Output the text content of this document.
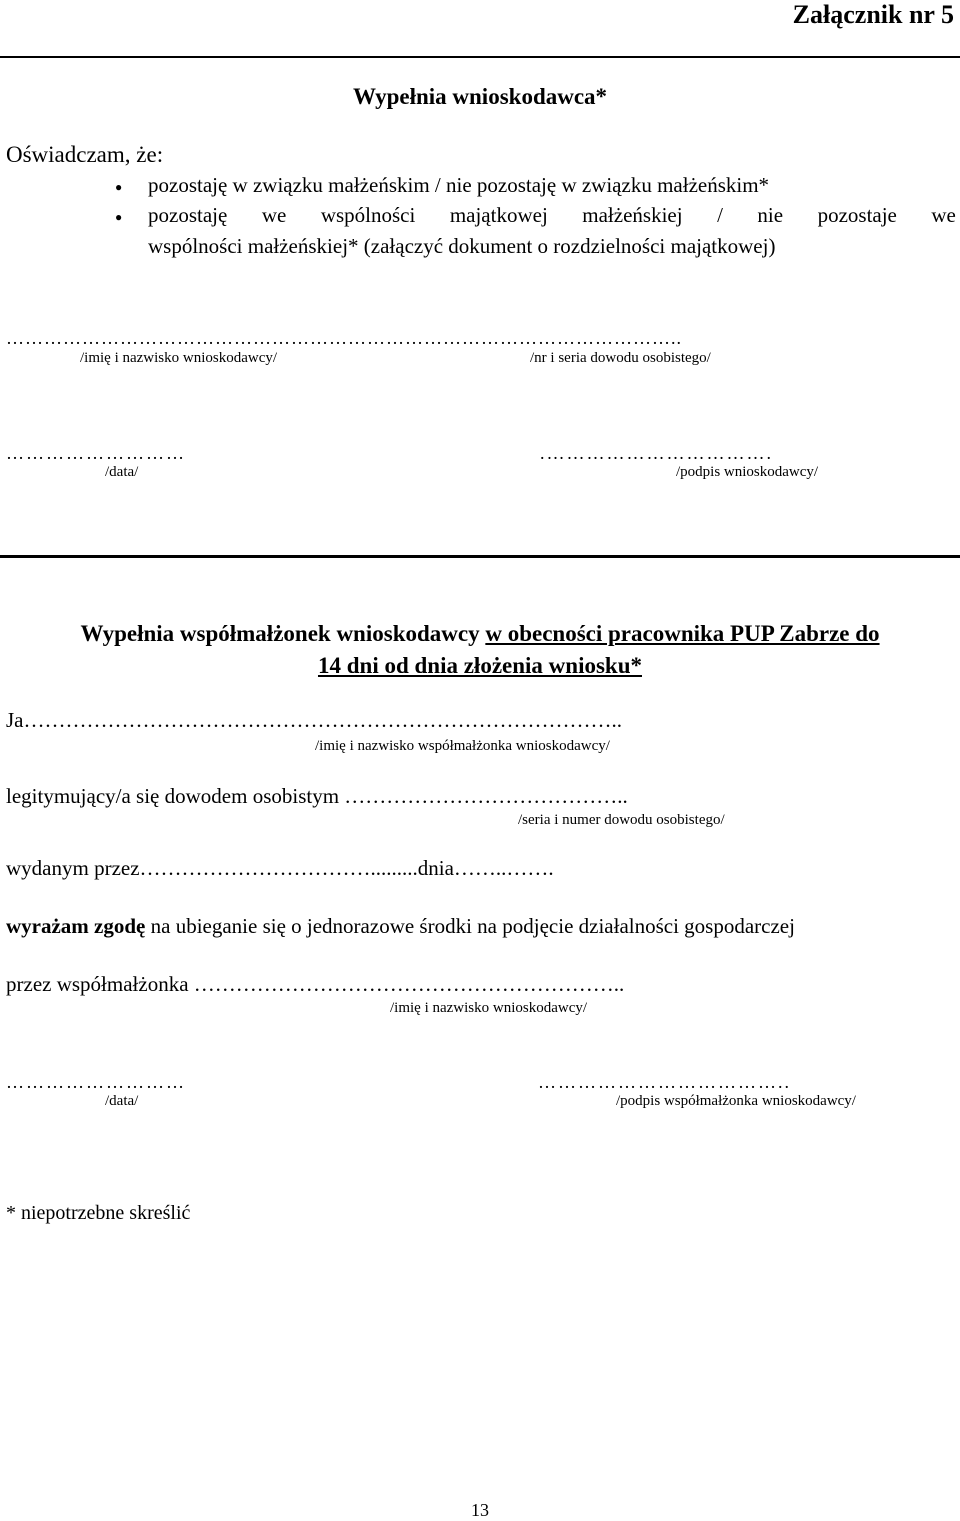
Załącznik nr 5
Wypełnia wnioskodawca*
Oświadczam, że:
● pozostaję w związku małżeńskim / nie pozostaję w związku małżeńskim*
● pozostaję we wspólności majątkowej małżeńskiej / nie pozostaje we
wspólności małżeńskiej* (załączyć dokument o rozdzielności majątkowej)
……………………………………………………………………………………………..
/imię i nazwisko wnioskodawcy/	/nr i seria dowodu osobistego/
………………………	.…………………………….
/data/	/podpis wnioskodawcy/
Wypełnia współmałżonek wnioskodawcy w obecności pracownika PUP Zabrze do
14 dni od dnia złożenia wniosku*
Ja…………………………………………………………………………..
/imię i nazwisko współmałżonka wnioskodawcy/
legitymujący/a się dowodem osobistym …………………………………..
/seria i numer dowodu osobistego/
wydanym przez…………………………….........dnia……..…….
wyrażam zgodę na ubieganie się o jednorazowe środki na podjęcie działalności gospodarczej
przez współmałżonka ……………………………………………………..
/imię i nazwisko wnioskodawcy/
………………………	………………………………..
/data/	/podpis współmałżonka wnioskodawcy/
* niepotrzebne skreślić
13
